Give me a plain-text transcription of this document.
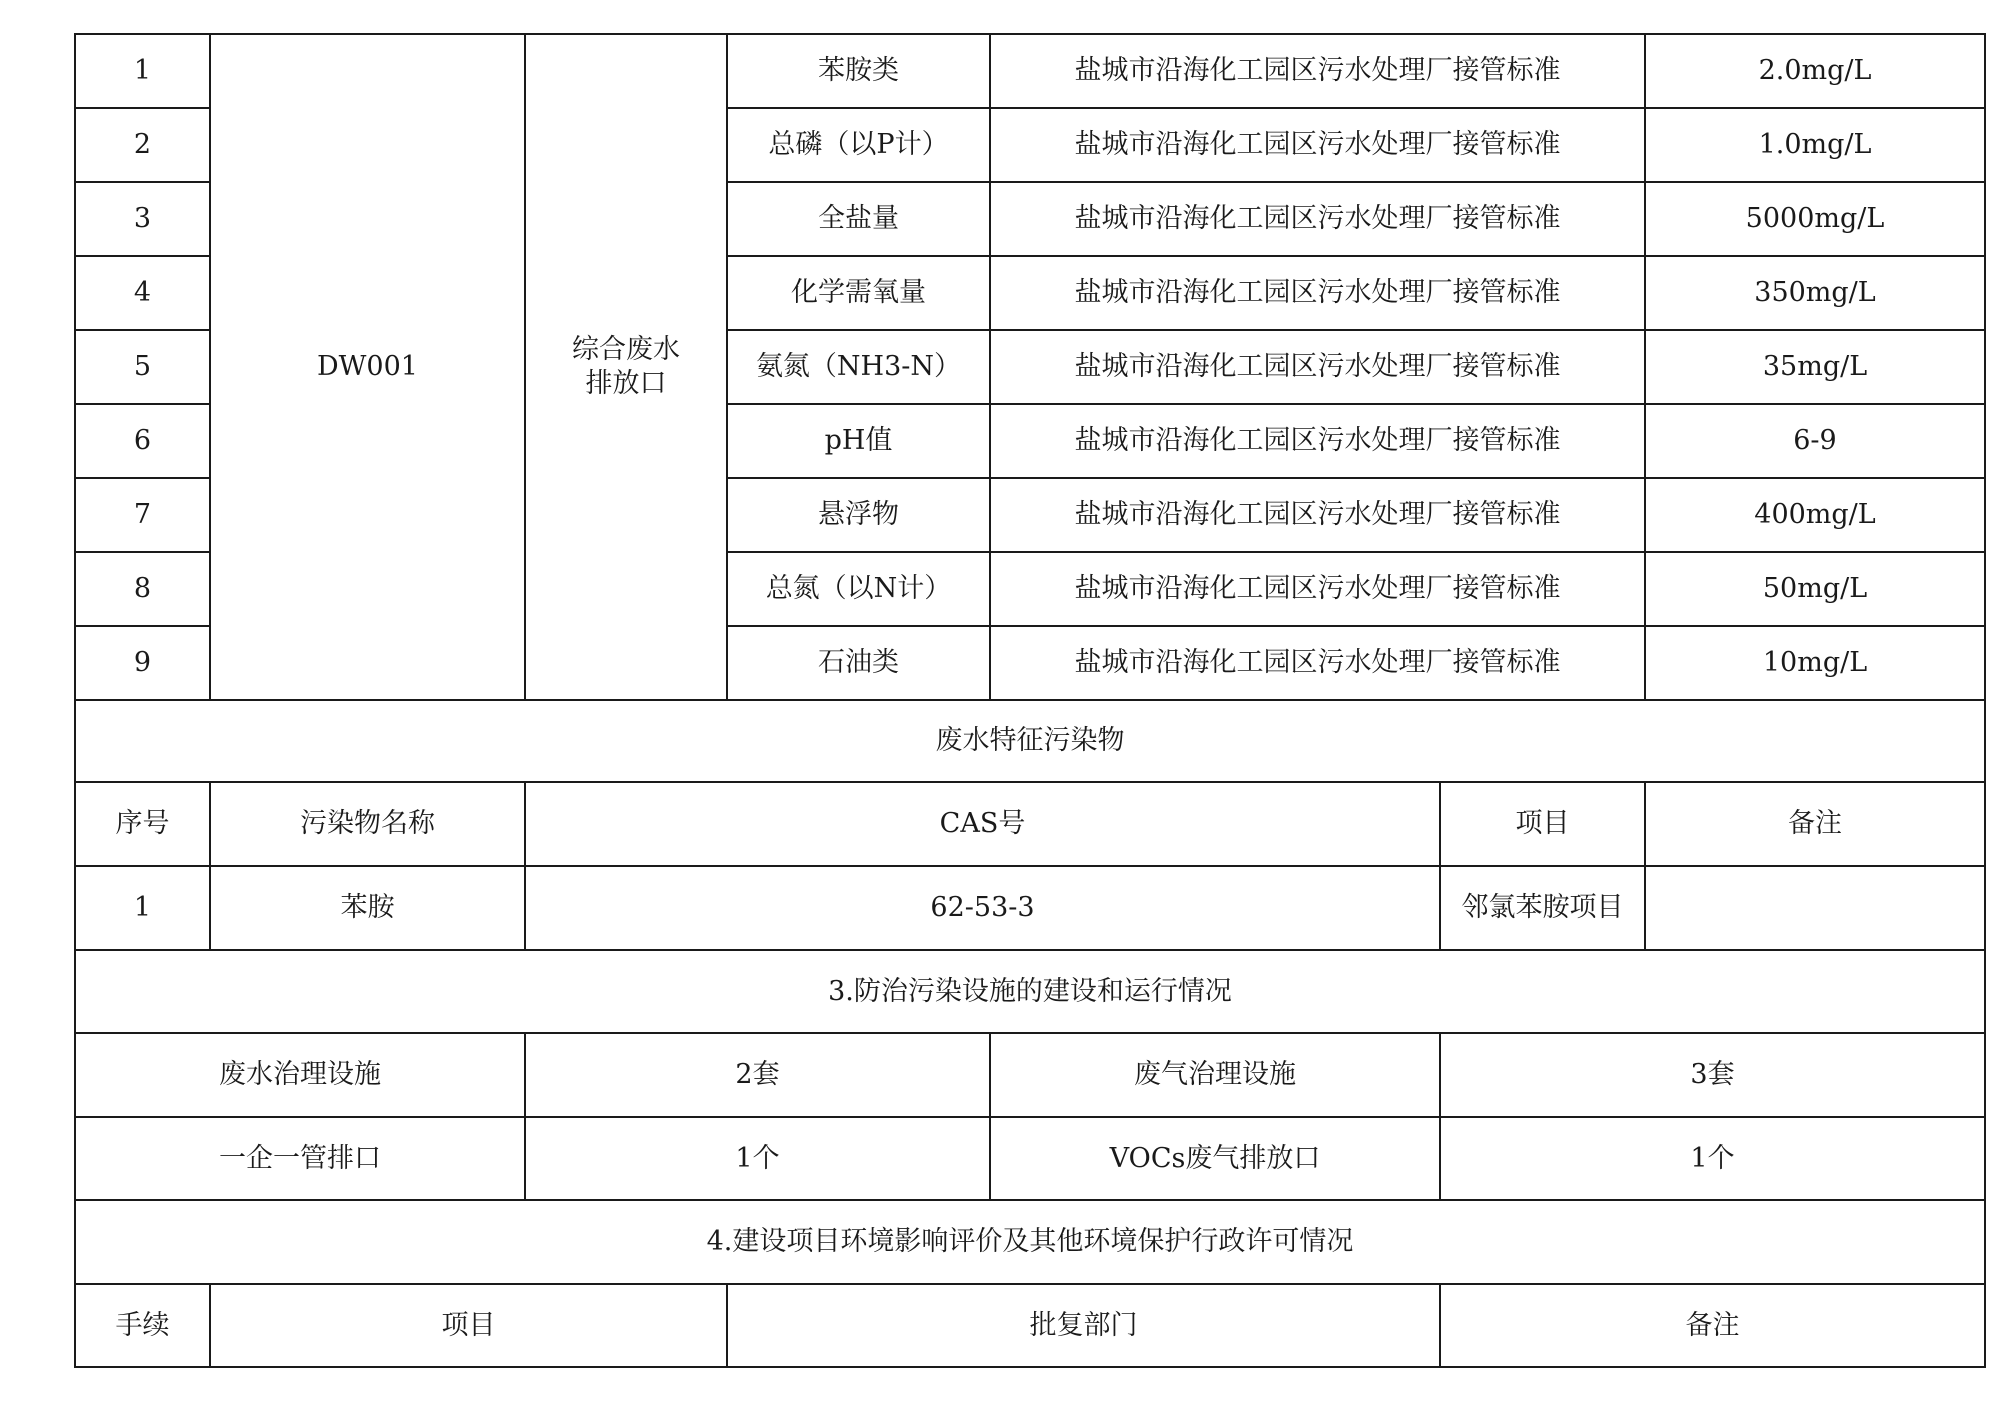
1	苯胺类	盐城市沿海化工园区污水处理厂接管标准	2.0mg/L
2	总磷（以P计）	盐城市沿海化工园区污水处理厂接管标准	1.0mg/L
3	全盐量	盐城市沿海化工园区污水处理厂接管标准	5000mg/L
4	化学需氧量	盐城市沿海化工园区污水处理厂接管标准	350mg/L
5	氨氮（NH3-N）	盐城市沿海化工园区污水处理厂接管标准	35mg/L
6	pH值	盐城市沿海化工园区污水处理厂接管标准	6-9
7	悬浮物	盐城市沿海化工园区污水处理厂接管标准	400mg/L
8	总氮（以N计）	盐城市沿海化工园区污水处理厂接管标准	50mg/L
9	石油类	盐城市沿海化工园区污水处理厂接管标准	10mg/L
DW001
综合废水
排放口
废水特征污染物
序号	污染物名称	CAS号	项目	备注
1	苯胺	62-53-3	邻氯苯胺项目
3.防治污染设施的建设和运行情况
废水治理设施	2套	废气治理设施	3套
一企一管排口	1个	VOCs废气排放口	1个
4.建设项目环境影响评价及其他环境保护行政许可情况
手续	项目	批复部门	备注
